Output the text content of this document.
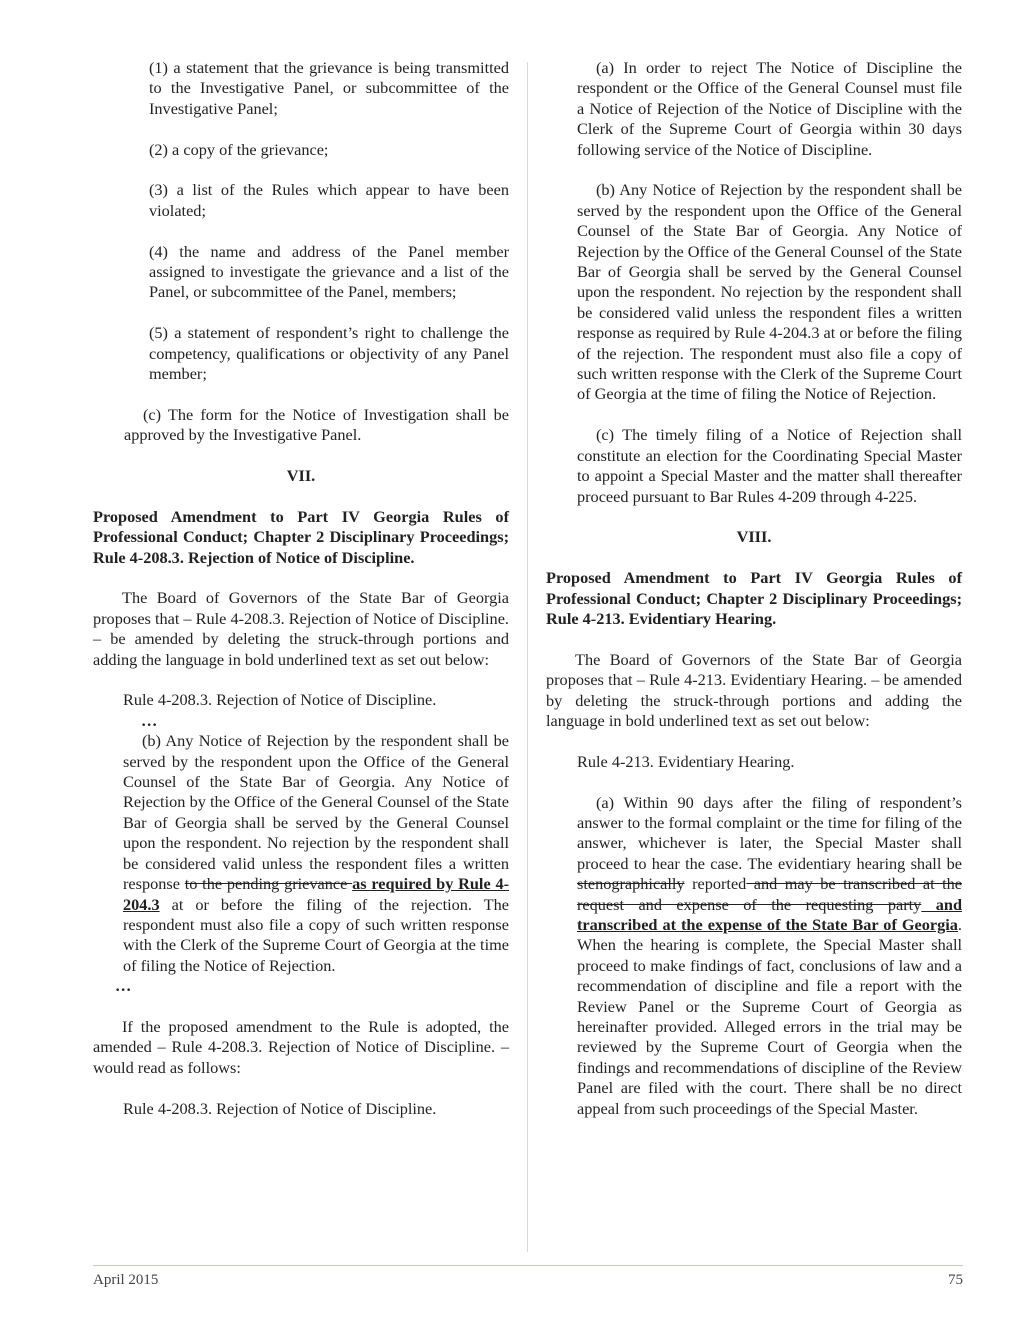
(1) a statement that the grievance is being transmitted to the Investigative Panel, or subcommittee of the Investigative Panel;

(2) a copy of the grievance;

(3) a list of the Rules which appear to have been violated;

(4) the name and address of the Panel member assigned to investigate the grievance and a list of the Panel, or subcommittee of the Panel, members;

(5) a statement of respondent’s right to challenge the competency, qualifications or objectivity of any Panel member;

(c) The form for the Notice of Investigation shall be approved by the Investigative Panel.

VII.

Proposed Amendment to Part IV Georgia Rules of Professional Conduct; Chapter 2 Disciplinary Proceedings; Rule 4-208.3. Rejection of Notice of Discipline.

The Board of Governors of the State Bar of Georgia proposes that – Rule 4-208.3. Rejection of Notice of Discipline. – be amended by deleting the struck-through portions and adding the language in bold underlined text as set out below:

Rule 4-208.3. Rejection of Notice of Discipline.

…

(b) Any Notice of Rejection by the respondent shall be served by the respondent upon the Office of the General Counsel of the State Bar of Georgia. Any Notice of Rejection by the Office of the General Counsel of the State Bar of Georgia shall be served by the General Counsel upon the respondent. No rejection by the respondent shall be considered valid unless the respondent files a written response to the pending grievance as required by Rule 4-204.3 at or before the filing of the rejection. The respondent must also file a copy of such written response with the Clerk of the Supreme Court of Georgia at the time of filing the Notice of Rejection.

…

If the proposed amendment to the Rule is adopted, the amended – Rule 4-208.3. Rejection of Notice of Discipline. – would read as follows:

Rule 4-208.3. Rejection of Notice of Discipline.

(a) In order to reject The Notice of Discipline the respondent or the Office of the General Counsel must file a Notice of Rejection of the Notice of Discipline with the Clerk of the Supreme Court of Georgia within 30 days following service of the Notice of Discipline.

(b) Any Notice of Rejection by the respondent shall be served by the respondent upon the Office of the General Counsel of the State Bar of Georgia. Any Notice of Rejection by the Office of the General Counsel of the State Bar of Georgia shall be served by the General Counsel upon the respondent. No rejection by the respondent shall be considered valid unless the respondent files a written response as required by Rule 4-204.3 at or before the filing of the rejection. The respondent must also file a copy of such written response with the Clerk of the Supreme Court of Georgia at the time of filing the Notice of Rejection.

(c) The timely filing of a Notice of Rejection shall constitute an election for the Coordinating Special Master to appoint a Special Master and the matter shall thereafter proceed pursuant to Bar Rules 4-209 through 4-225.

VIII.

Proposed Amendment to Part IV Georgia Rules of Professional Conduct; Chapter 2 Disciplinary Proceedings; Rule 4-213. Evidentiary Hearing.

The Board of Governors of the State Bar of Georgia proposes that – Rule 4-213. Evidentiary Hearing. – be amended by deleting the struck-through portions and adding the language in bold underlined text as set out below:

Rule 4-213. Evidentiary Hearing.

(a) Within 90 days after the filing of respondent’s answer to the formal complaint or the time for filing of the answer, whichever is later, the Special Master shall proceed to hear the case. The evidentiary hearing shall be stenographically reported and may be transcribed at the request and expense of the requesting party and transcribed at the expense of the State Bar of Georgia. When the hearing is complete, the Special Master shall proceed to make findings of fact, conclusions of law and a recommendation of discipline and file a report with the Review Panel or the Supreme Court of Georgia as hereinafter provided. Alleged errors in the trial may be reviewed by the Supreme Court of Georgia when the findings and recommendations of discipline of the Review Panel are filed with the court. There shall be no direct appeal from such proceedings of the Special Master.

April 2015	75
